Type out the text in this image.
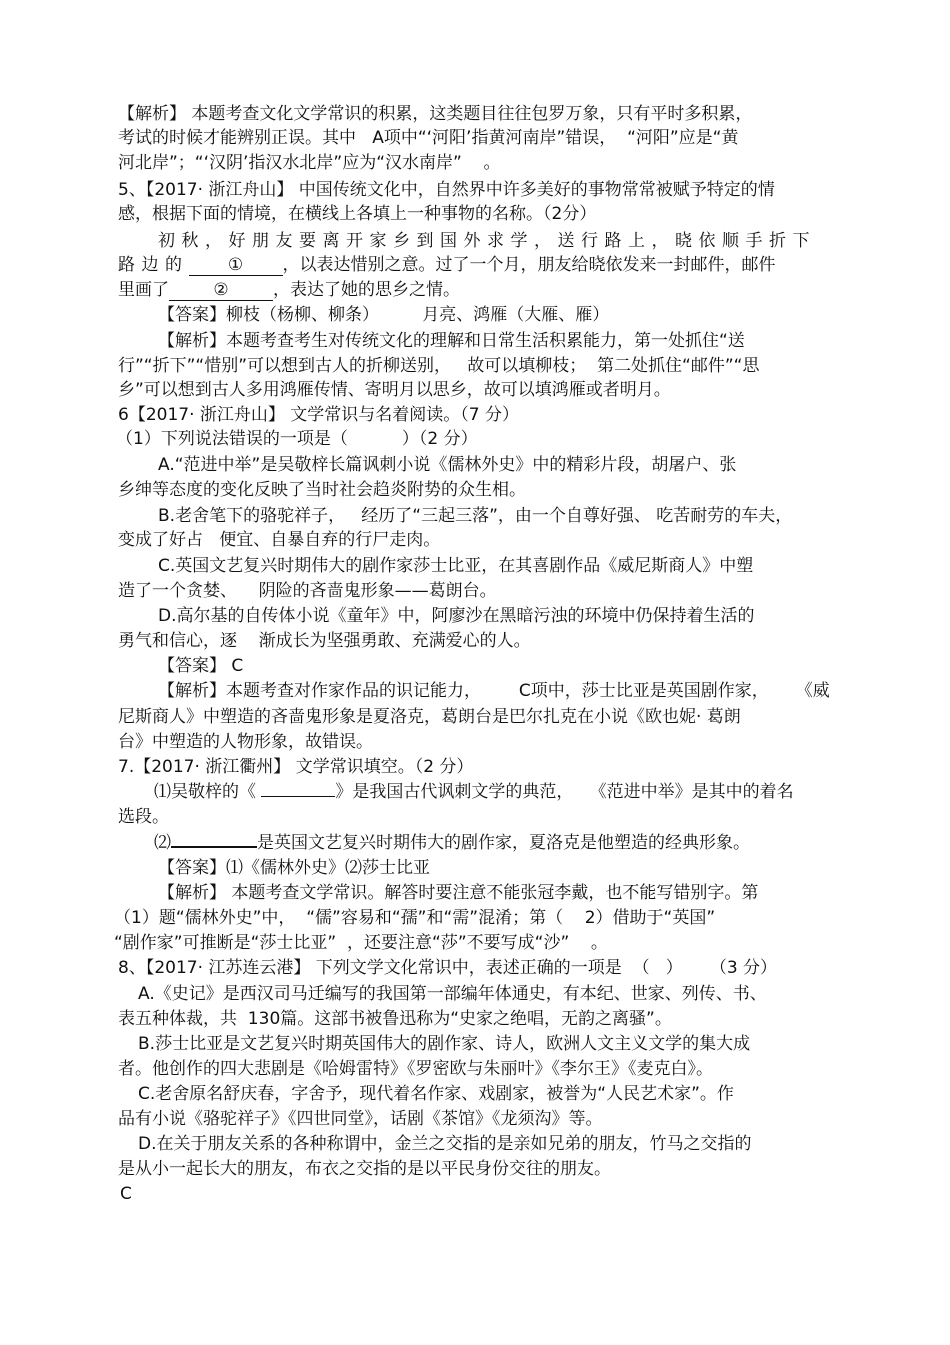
【解析】 本题考查文化文学常识的积累，这类题目往往包罗万象，只有平时多积累，
考试的时候才能辨别正误。其中   A项中“‘河阳’指黄河南岸”错误，  “河阳”应是“黄
河北岸”；“‘汉阴’指汉水北岸”应为“汉水南岸”    。
5、【2017· 浙江舟山】 中国传统文化中，自然界中许多美好的事物常常被赋予特定的情
感，根据下面的情境，在横线上各填上一种事物的名称。（2分）
初秋，好朋友要离开家乡到国外求学，送行路上，晓依顺手折下
路边的 ① ，以表达惜别之意。过了一个月，朋友给晓依发来一封邮件，邮件
里画了	②	，表达了她的思乡之情。
【答案】柳枝（杨柳、柳条）        月亮、鸿雁（大雁、雁）
【解析】本题考查考生对传统文化的理解和日常生活积累能力，第一处抓住“送
行”“折下”“惜别”可以想到古人的折柳送别，   故可以填柳枝；  第二处抓住“邮件”“思
乡”可以想到古人多用鸿雁传情、寄明月以思乡，故可以填鸿雁或者明月。
6【2017· 浙江舟山】 文学常识与名着阅读。（7 分）
（1）下列说法错误的一项是（          ）（2 分）
A.“范进中举”是吴敬梓长篇讽刺小说《儒林外史》中的精彩片段，胡屠户、张
乡绅等态度的变化反映了当时社会趋炎附势的众生相。
B.老舍笔下的骆驼祥子，   经历了“三起三落”，由一个自尊好强、 吃苦耐劳的车夫，
变成了好占   便宜、自暴自弃的行尸走肉。
C.英国文艺复兴时期伟大的剧作家莎士比亚，在其喜剧作品《威尼斯商人》中塑
造了一个贪婪、    阴险的吝啬鬼形象——葛朗台。
D.高尔基的自传体小说《童年》中，阿廖沙在黑暗污浊的环境中仍保持着生活的
勇气和信心，逐    渐成长为坚强勇敢、充满爱心的人。
【答案】 C
【解析】本题考查对作家作品的识记能力，       C项中，莎士比亚是英国剧作家，     《威
尼斯商人》中塑造的吝啬鬼形象是夏洛克，葛朗台是巴尔扎克在小说《欧也妮· 葛朗
台》中塑造的人物形象，故错误。
7.【2017· 浙江衢州】 文学常识填空。（2 分）
⑴吴敬梓的《	》是我国古代讽刺文学的典范，   《范进中举》是其中的着名
选段。
⑵	是英国文艺复兴时期伟大的剧作家，夏洛克是他塑造的经典形象。
【答案】⑴《儒林外史》⑵莎士比亚
【解析】 本题考查文学常识。解答时要注意不能张冠李戴，也不能写错别字。第
（1）题“儒林外史”中，  “儒”容易和“孺”和“需”混淆；第（    2）借助于“英国”
“剧作家”可推断是“莎士比亚”  ，还要注意“莎”不要写成“沙”    。
8、【2017· 江苏连云港】 下列文学文化常识中，表述正确的一项是  （   ）     （3 分）
A.《史记》是西汉司马迁编写的我国第一部编年体通史，有本纪、世家、列传、书、
表五种体裁，共  130篇。这部书被鲁迅称为“史家之绝唱，无韵之离骚”。
B.莎士比亚是文艺复兴时期英国伟大的剧作家、诗人，欧洲人文主义文学的集大成
者。他创作的四大悲剧是《哈姆雷特》《罗密欧与朱丽叶》《李尔王》《麦克白》。
C.老舍原名舒庆春，字舍予，现代着名作家、戏剧家，被誉为“人民艺术家”。作
品有小说《骆驼祥子》《四世同堂》，话剧《茶馆》《龙须沟》等。
D.在关于朋友关系的各种称谓中，金兰之交指的是亲如兄弟的朋友，竹马之交指的
是从小一起长大的朋友，布衣之交指的是以平民身份交往的朋友。
C
